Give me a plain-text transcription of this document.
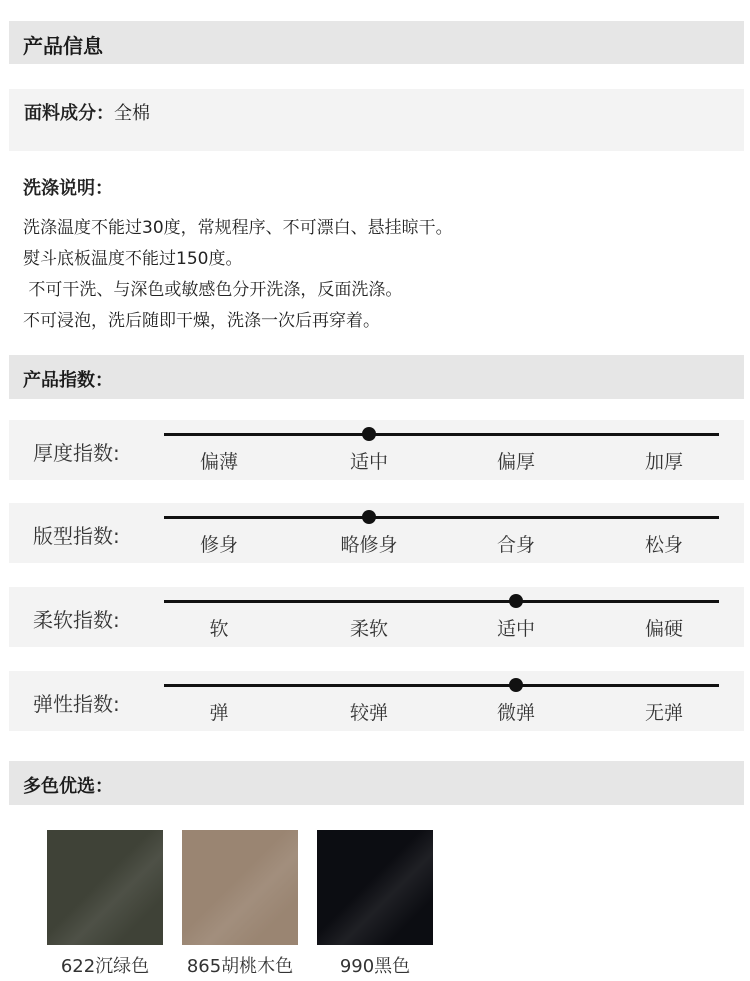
产品信息
面料成分：全棉
洗涤说明：
洗涤温度不能过30度，常规程序、不可漂白、悬挂晾干。
熨斗底板温度不能过150度。
不可干洗、与深色或敏感色分开洗涤，反面洗涤。
不可浸泡，洗后随即干燥，洗涤一次后再穿着。
产品指数：
厚度指数:	偏薄	适中	偏厚	加厚
版型指数:	修身	略修身	合身	松身
柔软指数:	软	柔软	适中	偏硬
弹性指数:	弹	较弹	微弹	无弹
多色优选：
622沉绿色	865胡桃木色	990黑色
